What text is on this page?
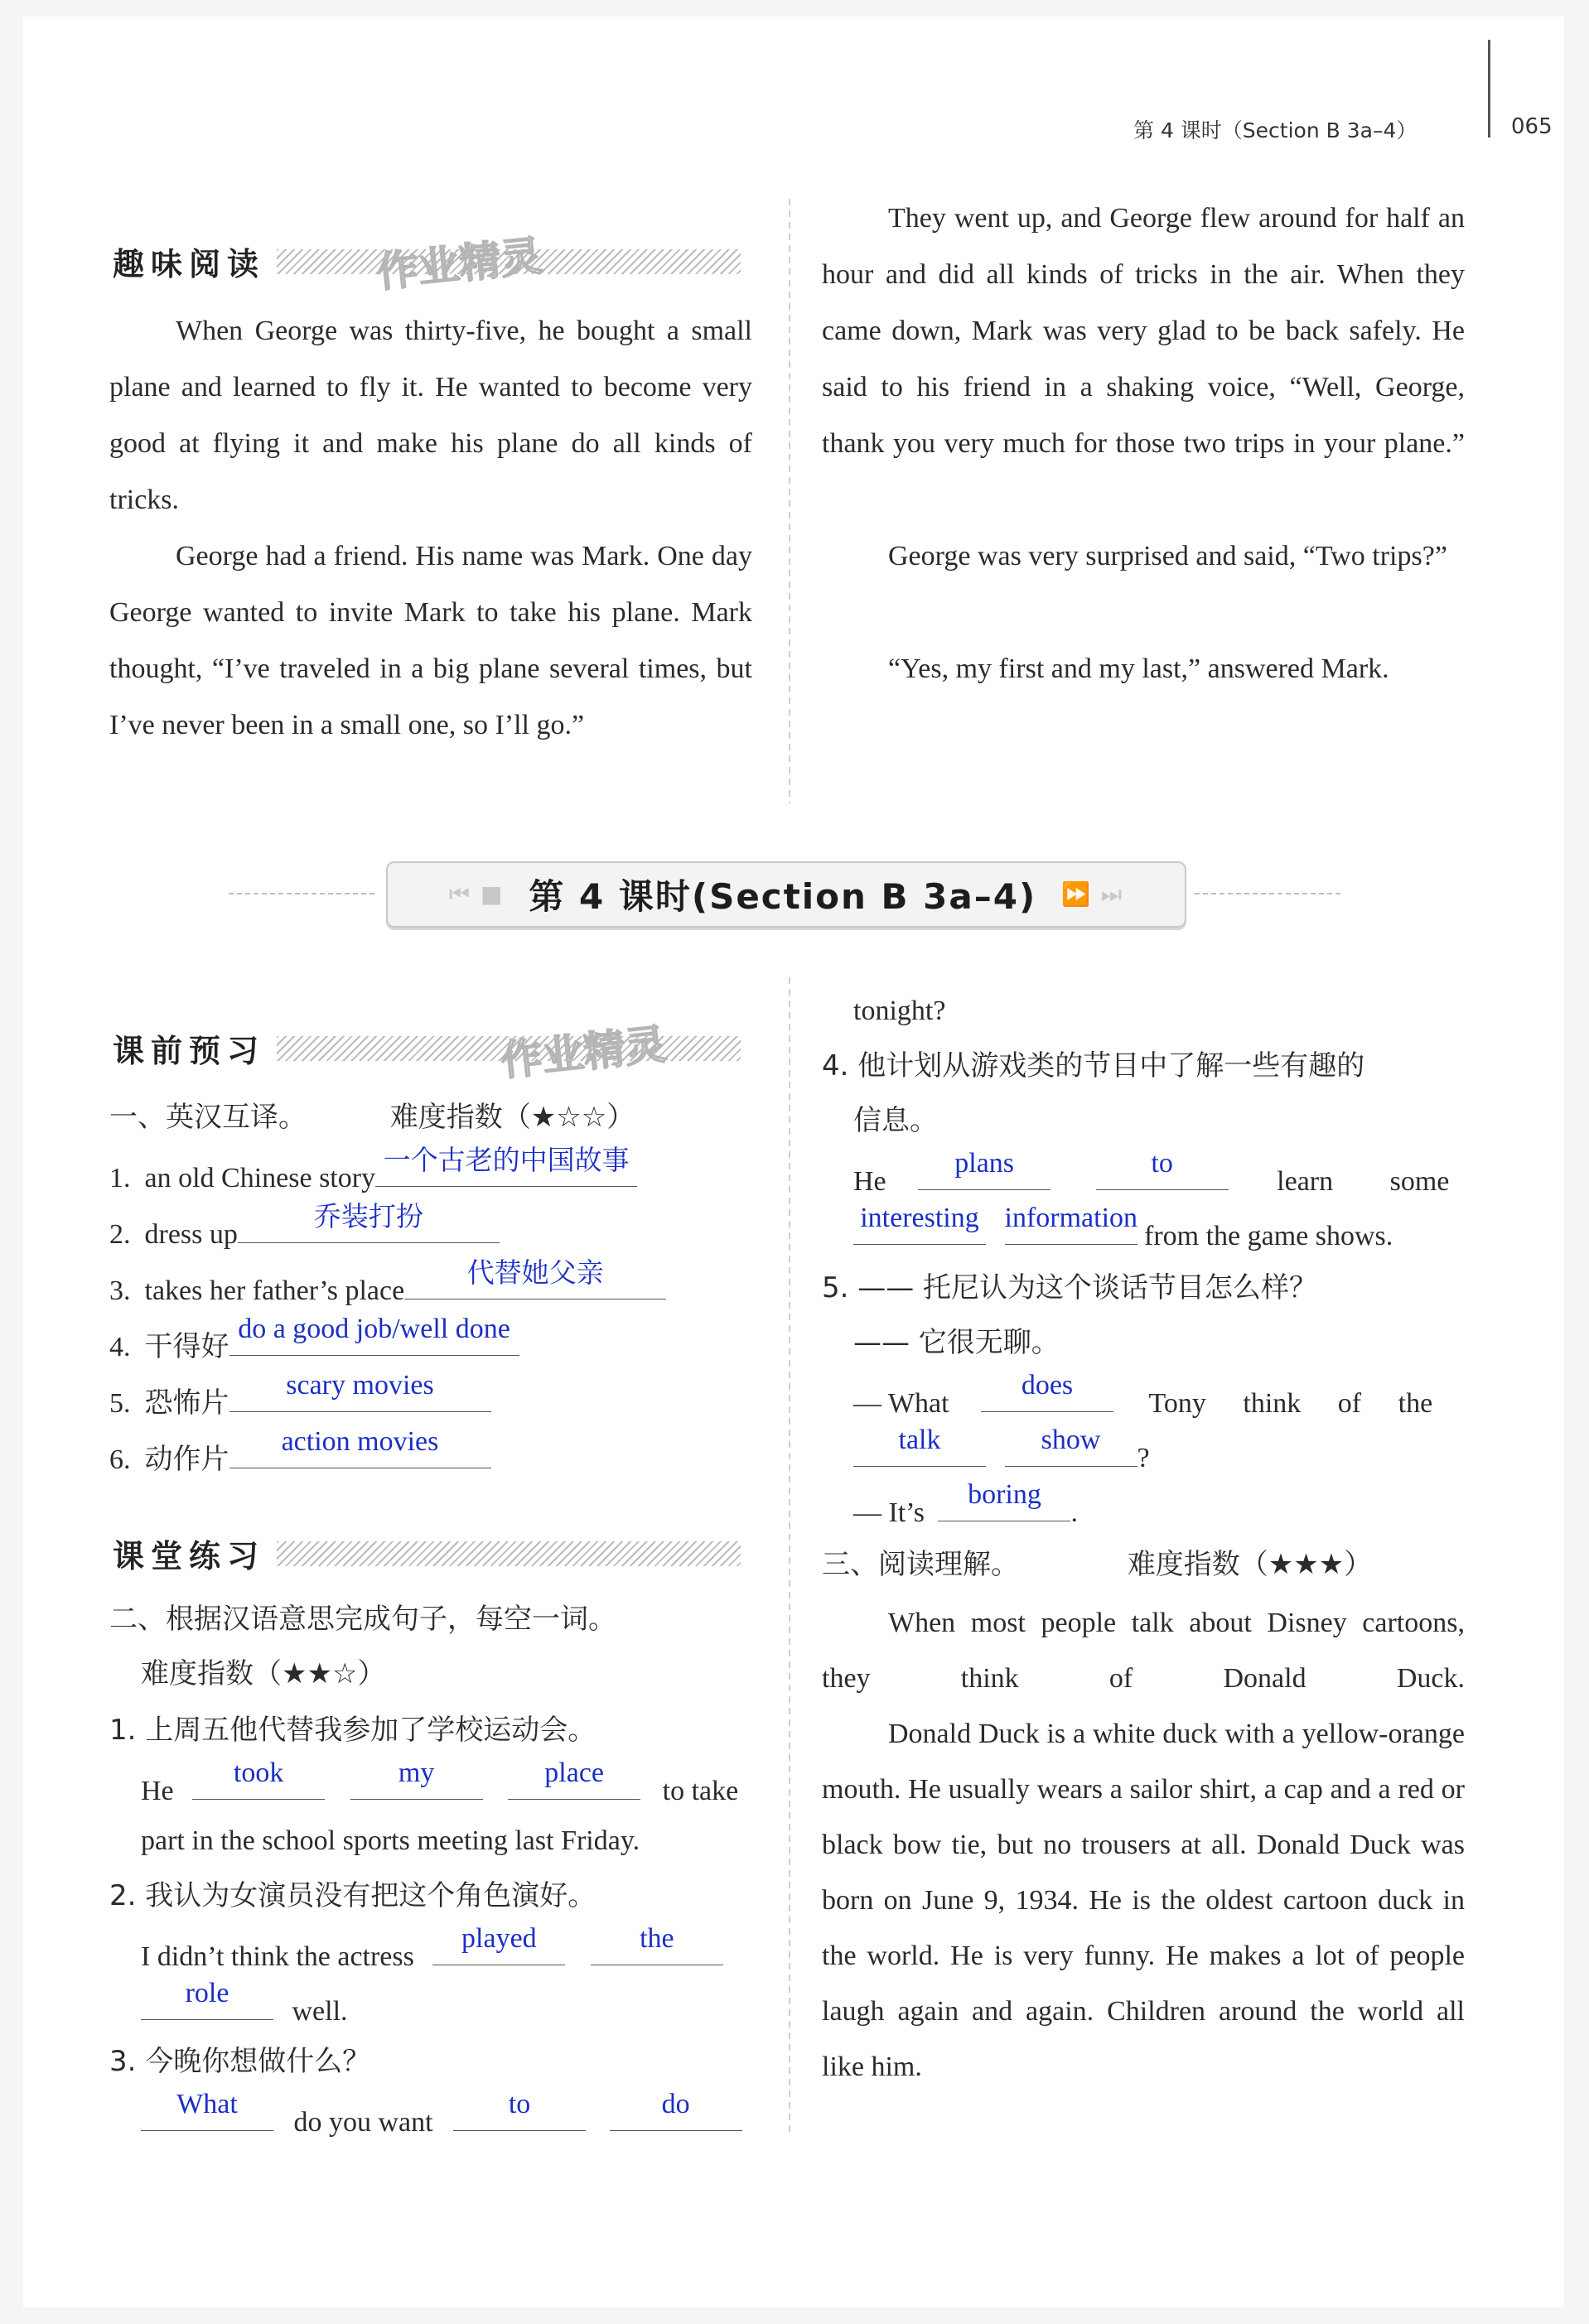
第 4 课时（Section B 3a–4）	065
趣味阅读	作业精灵

When George was thirty-five, he bought a small plane and learned to fly it. He wanted to become very good at flying it and make his plane do all kinds of tricks.

George had a friend. His name was Mark. One day George wanted to invite Mark to take his plane. Mark thought, “I’ve traveled in a big plane several times, but I’ve never been in a small one, so I’ll go.”

They went up, and George flew around for half an hour and did all kinds of tricks in the air. When they came down, Mark was very glad to be back safely. He said to his friend in a shaking voice, “Well, George, thank you very much for those two trips in your plane.”

George was very surprised and said, “Two trips?”

“Yes, my first and my last,” answered Mark.

⏮ ■ 第 4 课时(Section B 3a–4) ⏩ ⏭
课前预习	作业精灵
一、英汉互译。	难度指数（★☆☆）
1. an old Chinese story
一个古老的中国故事
2. dress up
乔装打扮
3. takes her father’s place
代替她父亲
4. 干得好
do a good job/well done
5. 恐怖片
scary movies
6. 动作片
action movies
课堂练习
二、根据汉语意思完成句子，每空一词。
难度指数（★★☆）
1. 上周五他代替我参加了学校运动会。
He
took
	my
	place
to take
part in the school sports meeting last Friday.
2. 我认为女演员没有把这个角色演好。
I didn’t think the actress
played
	the
role
well.
3. 今晚你想做什么？
What
do you want
to
	do
tonight?
4. 他计划从游戏类的节目中了解一些有趣的
信息。
He
plans
	to
learn some
interesting
information
from the game shows.
5. —— 托尼认为这个谈话节目怎么样？
—— 它很无聊。
— What
does
Tony think of the
talk
	show
?
— It’s
boring
.
三、阅读理解。	难度指数（★★★）

When most people talk about Disney cartoons, they think of Donald Duck.

Donald Duck is a white duck with a yellow-orange mouth. He usually wears a sailor shirt, a cap and a red or black bow tie, but no trousers at all. Donald Duck was born on June 9, 1934. He is the oldest cartoon duck in the world. He is very funny. He makes a lot of people laugh again and again. Children around the world all like him.
